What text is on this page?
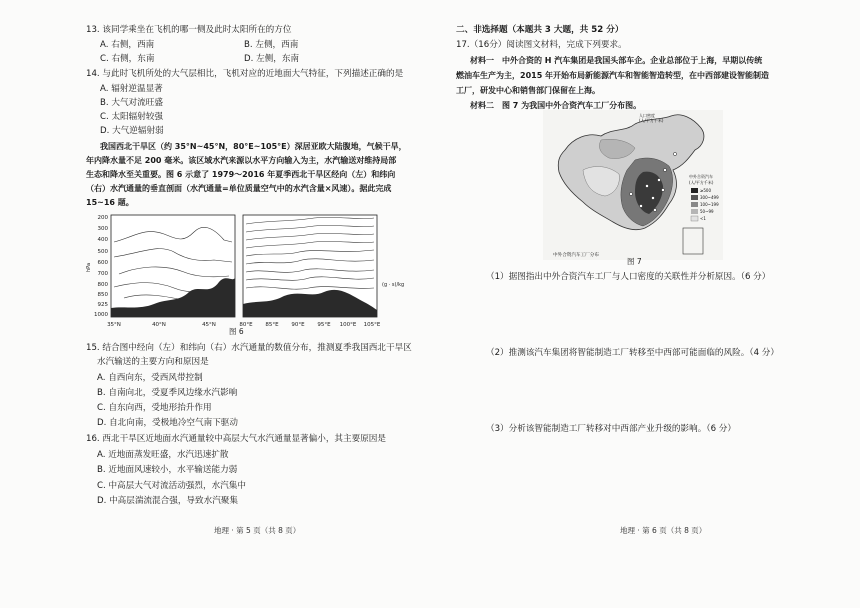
13. 该同学乘坐在飞机的哪一侧及此时太阳所在的方位
A. 右侧，西南	B. 左侧，西南
C. 右侧，东南	D. 左侧，东南
14. 与此时飞机所处的大气层相比，飞机对应的近地面大气特征，下列描述正确的是
A. 辐射逆温显著
B. 大气对流旺盛
C. 太阳辐射较强
D. 大气逆辐射弱
我国西北干旱区（约 35°N~45°N，80°E~105°E）深居亚欧大陆腹地，气候干旱，
年内降水量不足 200 毫米。该区域水汽来源以水平方向输入为主，水汽输送对维持局部
生态和降水至关重要。图 6 示意了 1979～2016 年夏季西北干旱区经向（左）和纬向
（右）水汽通量的垂直剖面（水汽通量=单位质量空气中的水汽含量×风速）。据此完成
15~16 题。
200
300
400
500
600
700
800
850
925
1000
hPa
35°N	40°N	45°N
(g · s)/kg
80°E 85°E 90°E 95°E 100°E 105°E
图 6
15. 结合图中经向（左）和纬向（右）水汽通量的数值分布，推测夏季我国西北干旱区
水汽输送的主要方向和原因是
A. 自西向东，受西风带控制
B. 自南向北，受夏季风边缘水汽影响
C. 自东向西，受地形抬升作用
D. 自北向南，受极地冷空气南下驱动
16. 西北干旱区近地面水汽通量较中高层大气水汽通量显著偏小，其主要原因是
A. 近地面蒸发旺盛，水汽迅速扩散
B. 近地面风速较小，水平输送能力弱
C. 中高层大气对流活动强烈，水汽集中
D. 中高层湍流混合强，导致水汽聚集
地理 · 第 5 页（共 8 页）
二、非选择题（本题共 3 大题，共 52 分）
17.（16分）阅读图文材料，完成下列要求。
材料一　中外合资的 H 汽车集团是我国头部车企。企业总部位于上海，早期以传统
燃油车生产为主，2015 年开始布局新能源汽车和智能智造转型，在中西部建设智能制造
工厂，研发中心和销售部门保留在上海。
材料二　图 7 为我国中外合资汽车工厂分布图。
中外合资汽车
(人/平方千米)
≥500
300~499
100~199
50~99
<1
人口密度
(人/平方千米)
中外合资汽车工厂分布
图 7
（1）据图指出中外合资汽车工厂与人口密度的关联性并分析原因。（6 分）
（2）推测该汽车集团将智能制造工厂转移至中西部可能面临的风险。（4 分）
（3）分析该智能制造工厂转移对中西部产业升级的影响。（6 分）
地理 · 第 6 页（共 8 页）
